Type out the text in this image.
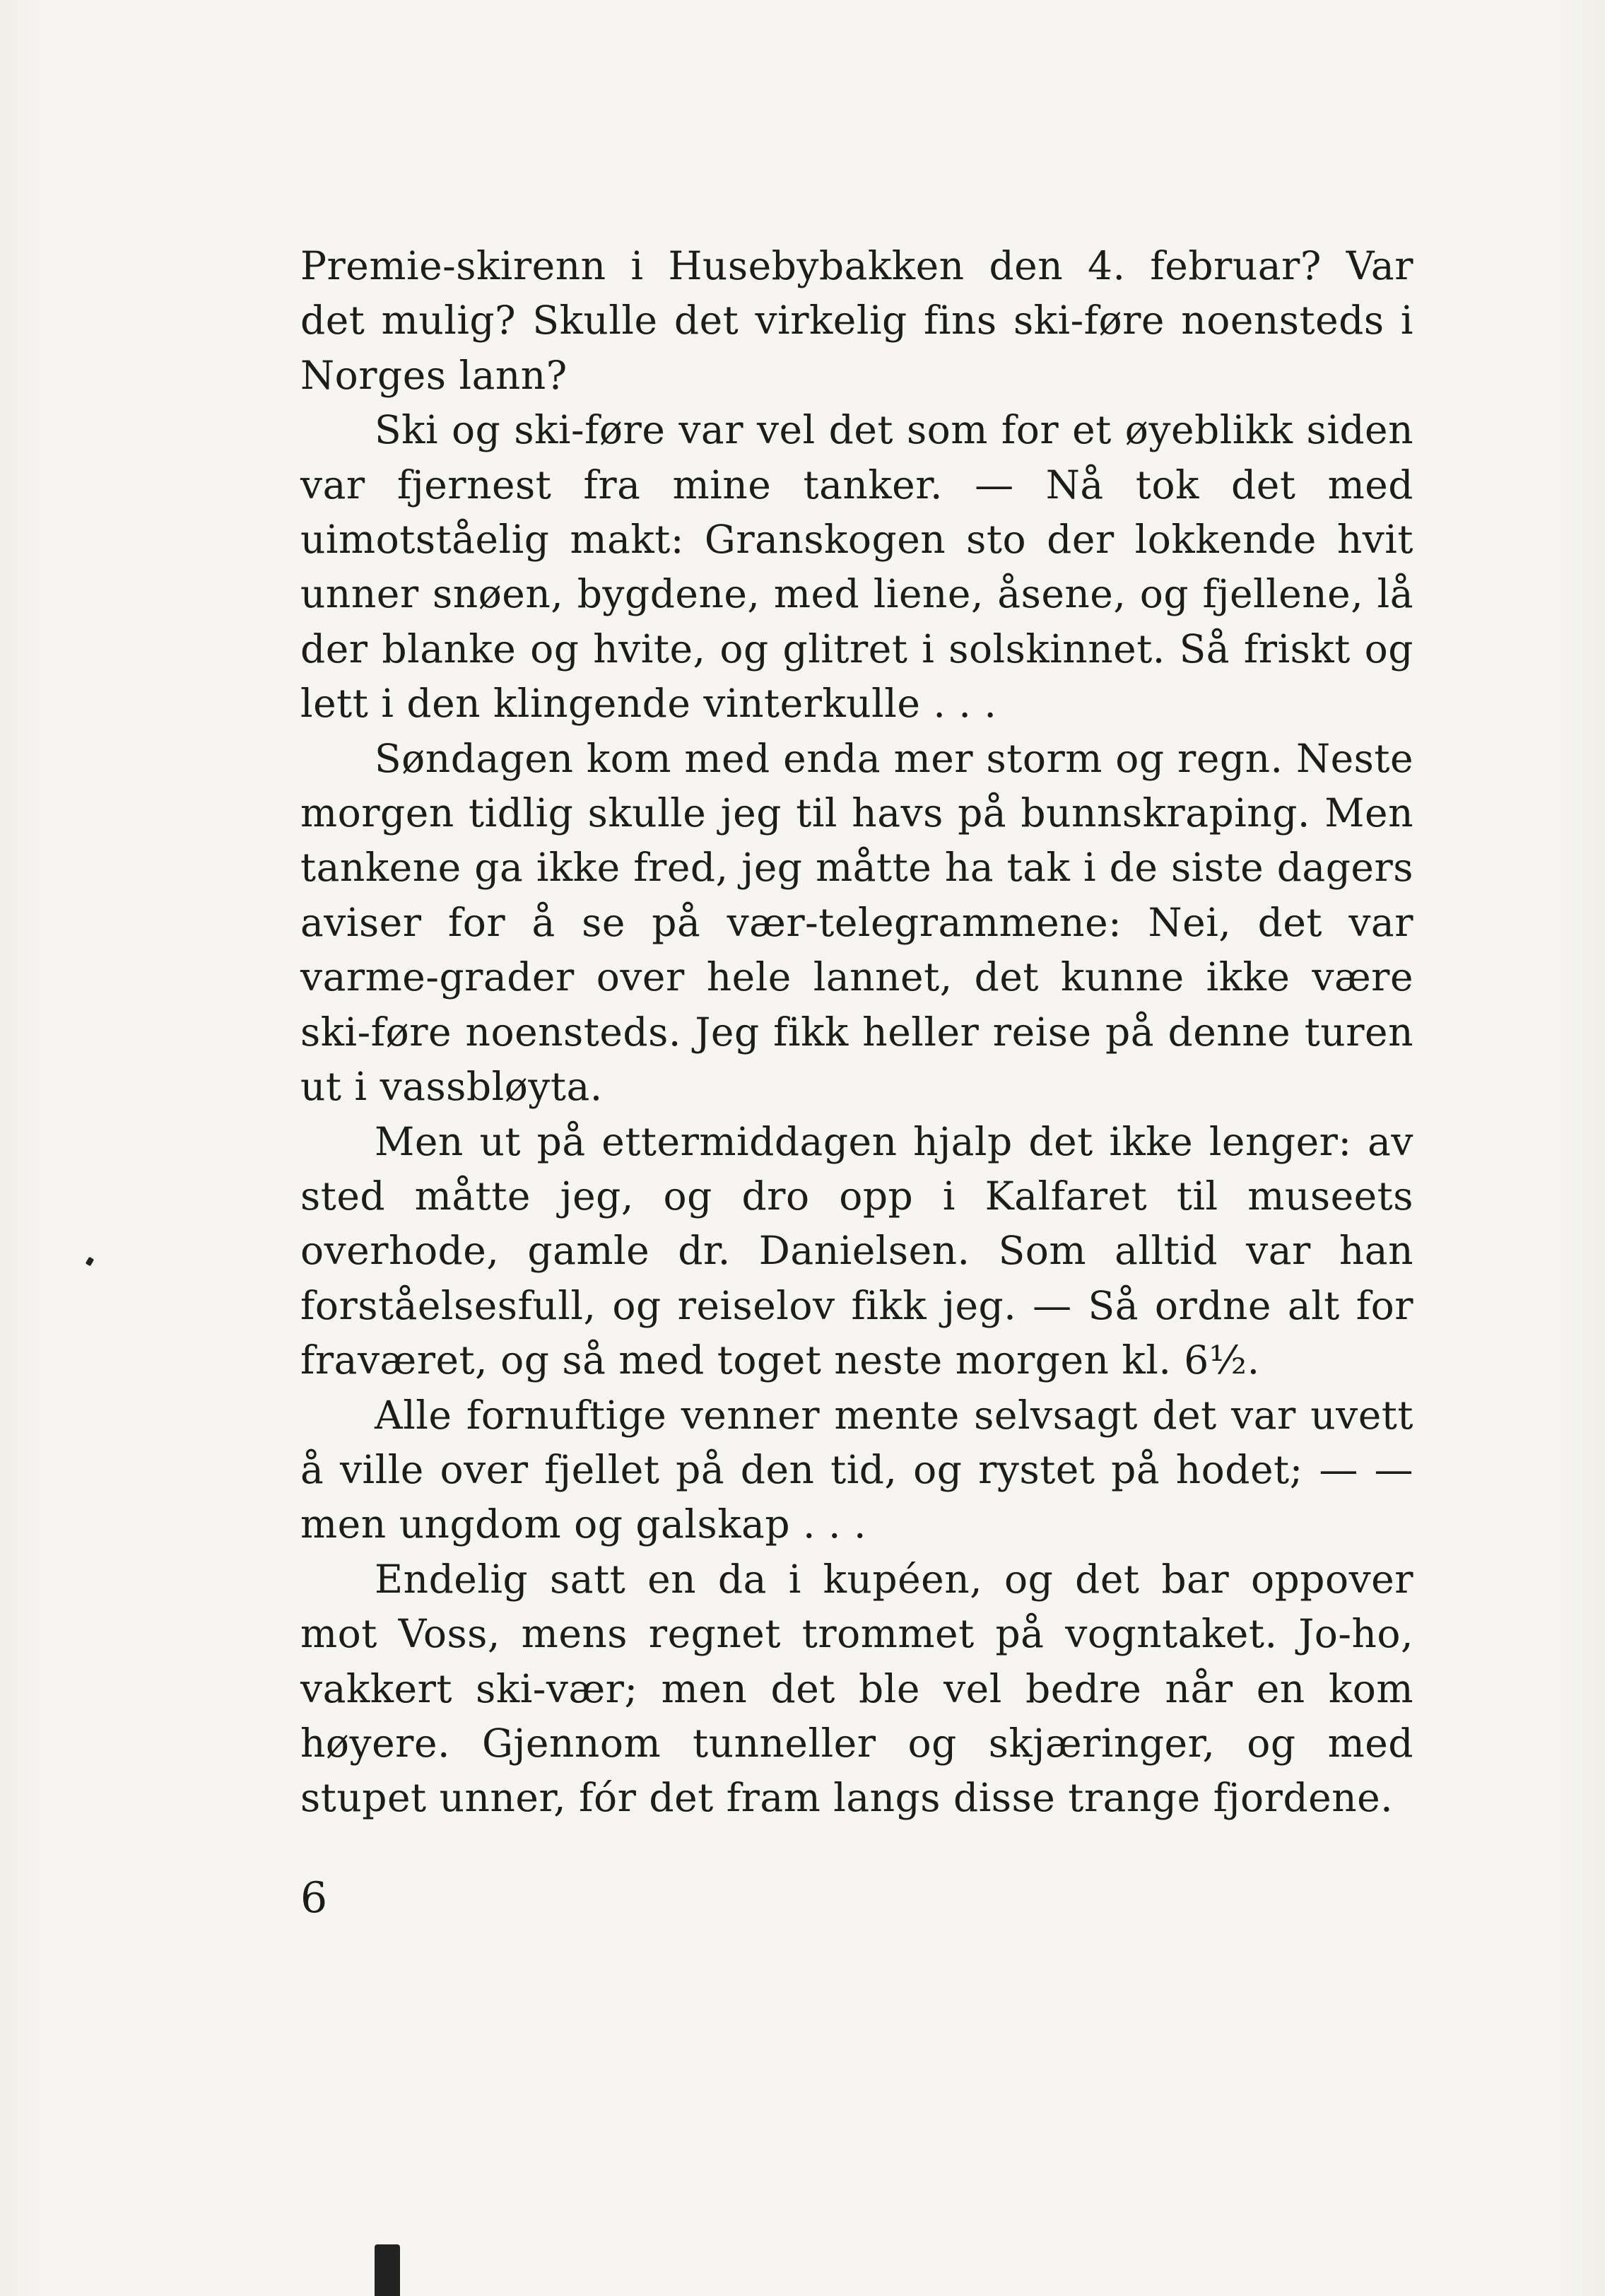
Premie-skirenn i Husebybakken den 4. februar? Var det mulig? Skulle det virkelig fins ski-føre noensteds i Norges lann?

Ski og ski-føre var vel det som for et øyeblikk siden var fjernest fra mine tanker. — Nå tok det med uimotståelig makt: Granskogen sto der lokkende hvit unner snøen, bygdene, med liene, åsene, og fjellene, lå der blanke og hvite, og glitret i solskinnet. Så friskt og lett i den klingende vinterkulle . . .

Søndagen kom med enda mer storm og regn. Neste morgen tidlig skulle jeg til havs på bunnskraping. Men tankene ga ikke fred, jeg måtte ha tak i de siste dagers aviser for å se på vær-telegrammene: Nei, det var varme-grader over hele lannet, det kunne ikke være ski-føre noensteds. Jeg fikk heller reise på denne turen ut i vassbløyta.

Men ut på ettermiddagen hjalp det ikke lenger: av sted måtte jeg, og dro opp i Kalfaret til museets overhode, gamle dr. Danielsen. Som alltid var han forståelsesfull, og reiselov fikk jeg. — Så ordne alt for fraværet, og så med toget neste morgen kl. 6½.

Alle fornuftige venner mente selvsagt det var uvett å ville over fjellet på den tid, og rystet på hodet; — — men ungdom og galskap . . .

Endelig satt en da i kupéen, og det bar oppover mot Voss, mens regnet trommet på vogntaket. Jo-ho, vakkert ski-vær; men det ble vel bedre når en kom høyere. Gjennom tunneller og skjæringer, og med stupet unner, fór det fram langs disse trange fjordene.

6
